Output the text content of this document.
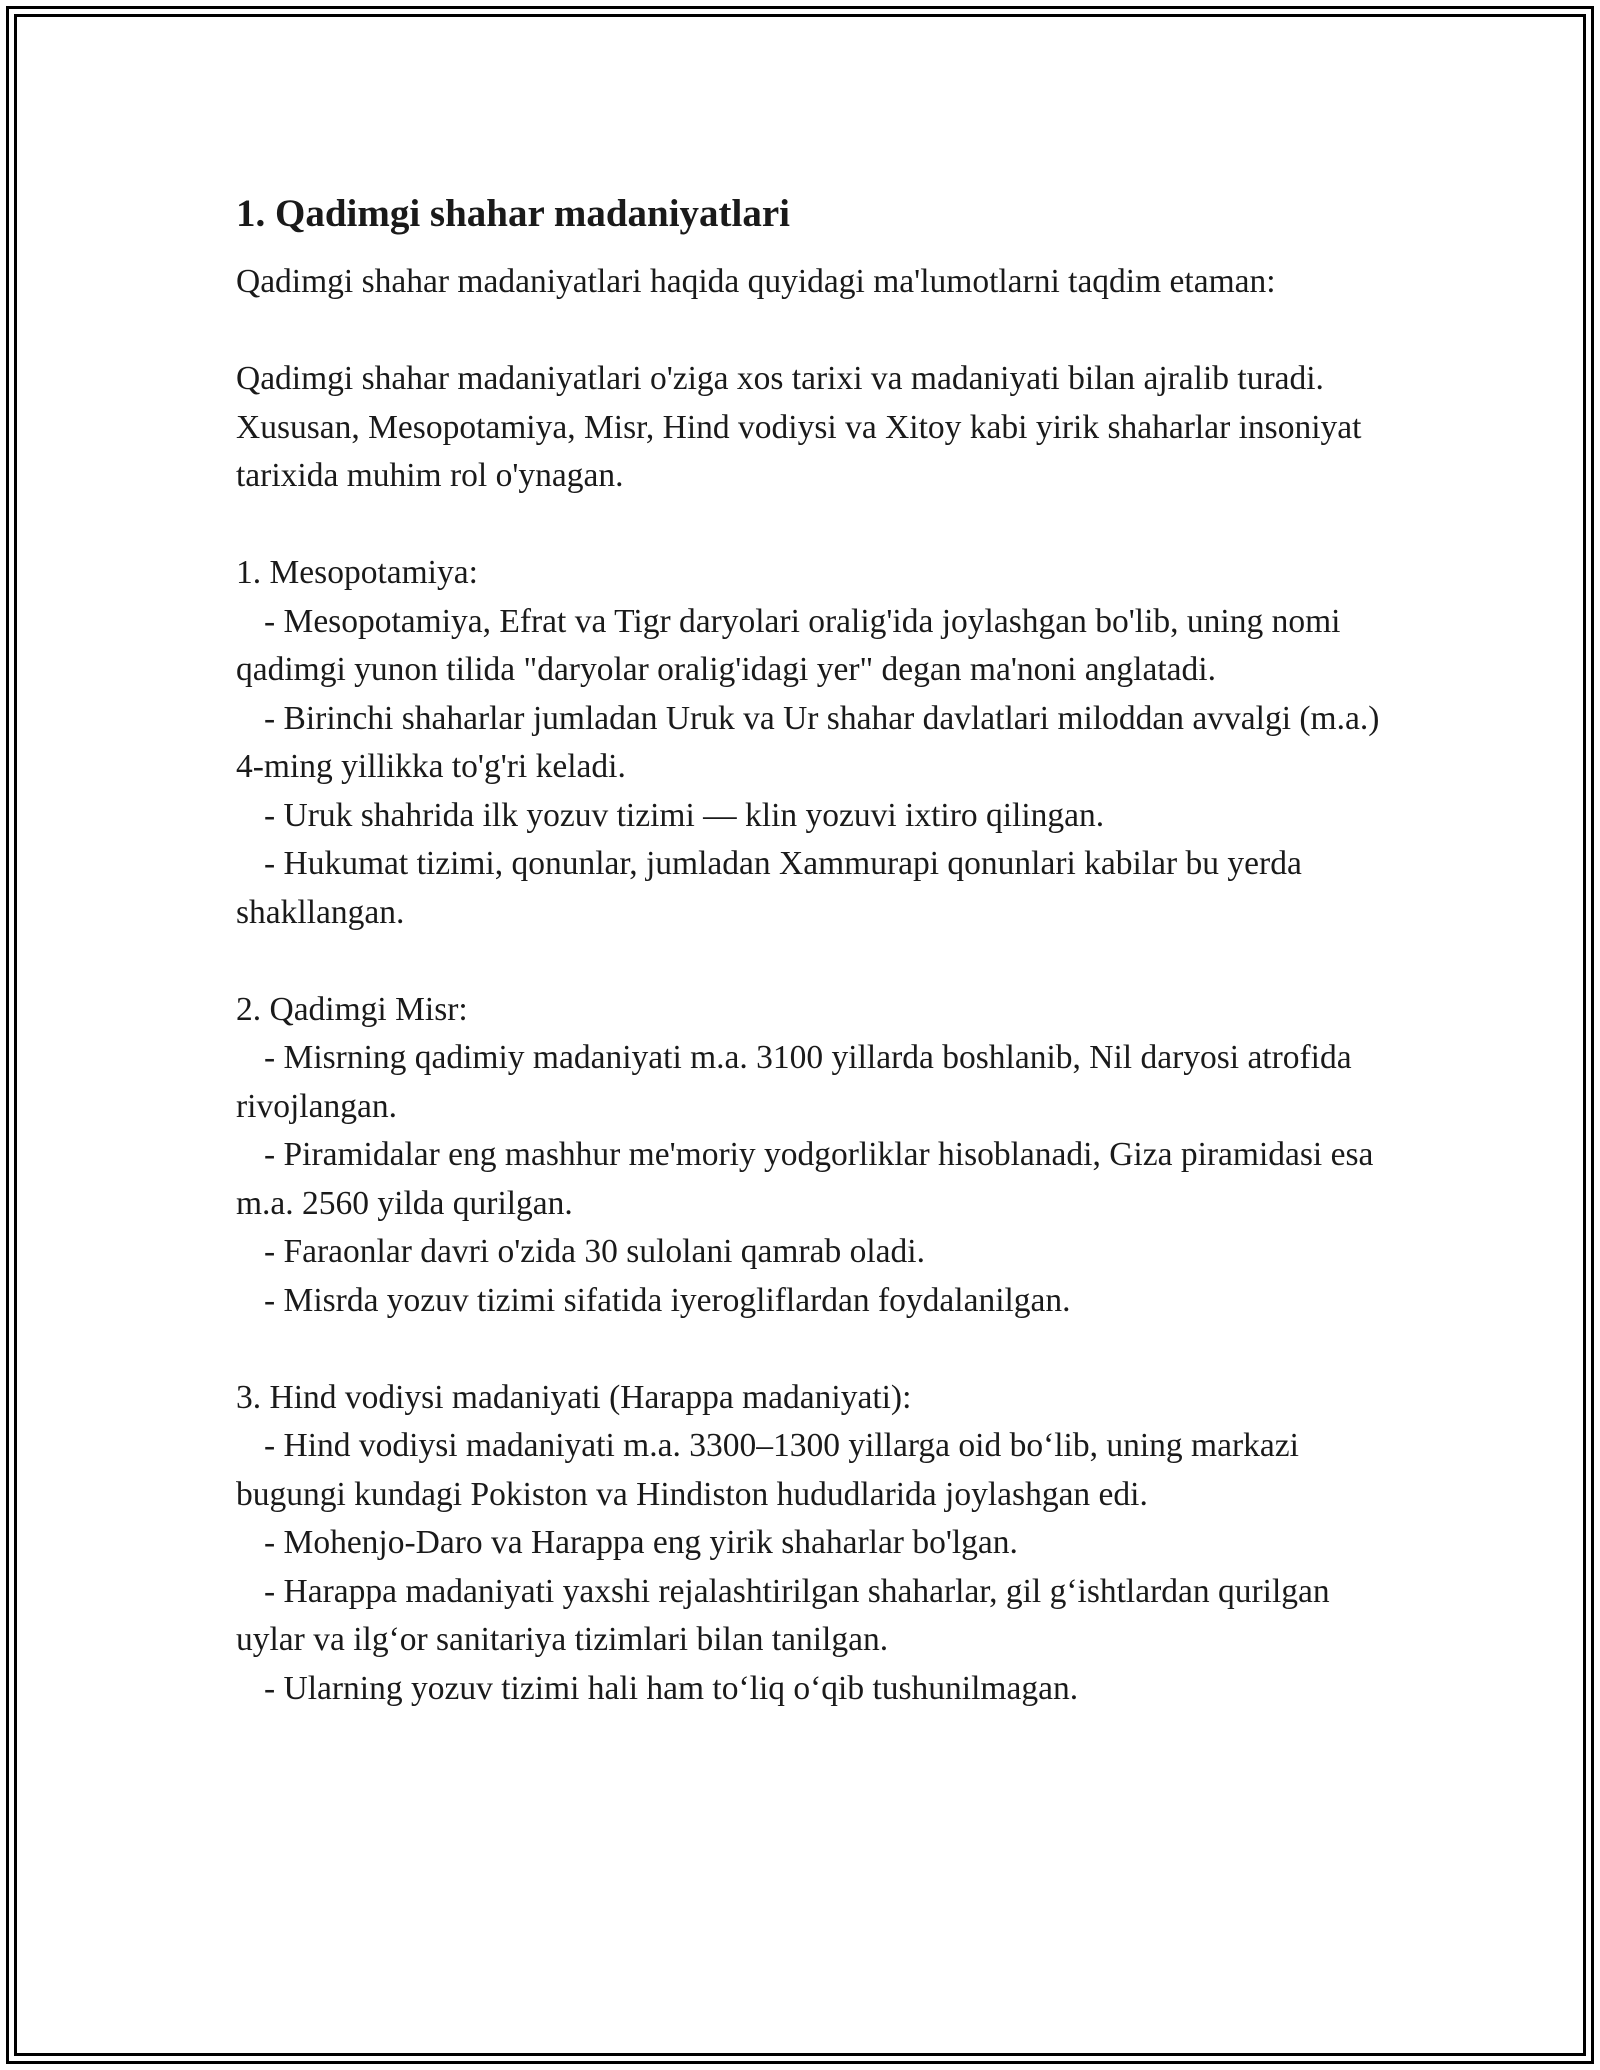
1. Qadimgi shahar madaniyatlari

Qadimgi shahar madaniyatlari haqida quyidagi ma'lumotlarni taqdim etaman:

Qadimgi shahar madaniyatlari o'ziga xos tarixi va madaniyati bilan ajralib turadi. Xususan, Mesopotamiya, Misr, Hind vodiysi va Xitoy kabi yirik shaharlar insoniyat tarixida muhim rol o'ynagan.

1. Mesopotamiya:

- Mesopotamiya, Efrat va Tigr daryolari oralig'ida joylashgan bo'lib, uning nomi qadimgi yunon tilida "daryolar oralig'idagi yer" degan ma'noni anglatadi.

- Birinchi shaharlar jumladan Uruk va Ur shahar davlatlari miloddan avvalgi (m.a.) 4-ming yillikka to'g'ri keladi.

- Uruk shahrida ilk yozuv tizimi — klin yozuvi ixtiro qilingan.

- Hukumat tizimi, qonunlar, jumladan Xammurapi qonunlari kabilar bu yerda shakllangan.

2. Qadimgi Misr:

- Misrning qadimiy madaniyati m.a. 3100 yillarda boshlanib, Nil daryosi atrofida rivojlangan.

- Piramidalar eng mashhur me'moriy yodgorliklar hisoblanadi, Giza piramidasi esa m.a. 2560 yilda qurilgan.

- Faraonlar davri o'zida 30 sulolani qamrab oladi.

- Misrda yozuv tizimi sifatida iyerogliflardan foydalanilgan.

3. Hind vodiysi madaniyati (Harappa madaniyati):

- Hind vodiysi madaniyati m.a. 3300–1300 yillarga oid boʻlib, uning markazi bugungi kundagi Pokiston va Hindiston hududlarida joylashgan edi.

- Mohenjo-Daro va Harappa eng yirik shaharlar bo'lgan.

- Harappa madaniyati yaxshi rejalashtirilgan shaharlar, gil gʻishtlardan qurilgan uylar va ilgʻor sanitariya tizimlari bilan tanilgan.

- Ularning yozuv tizimi hali ham toʻliq oʻqib tushunilmagan.
